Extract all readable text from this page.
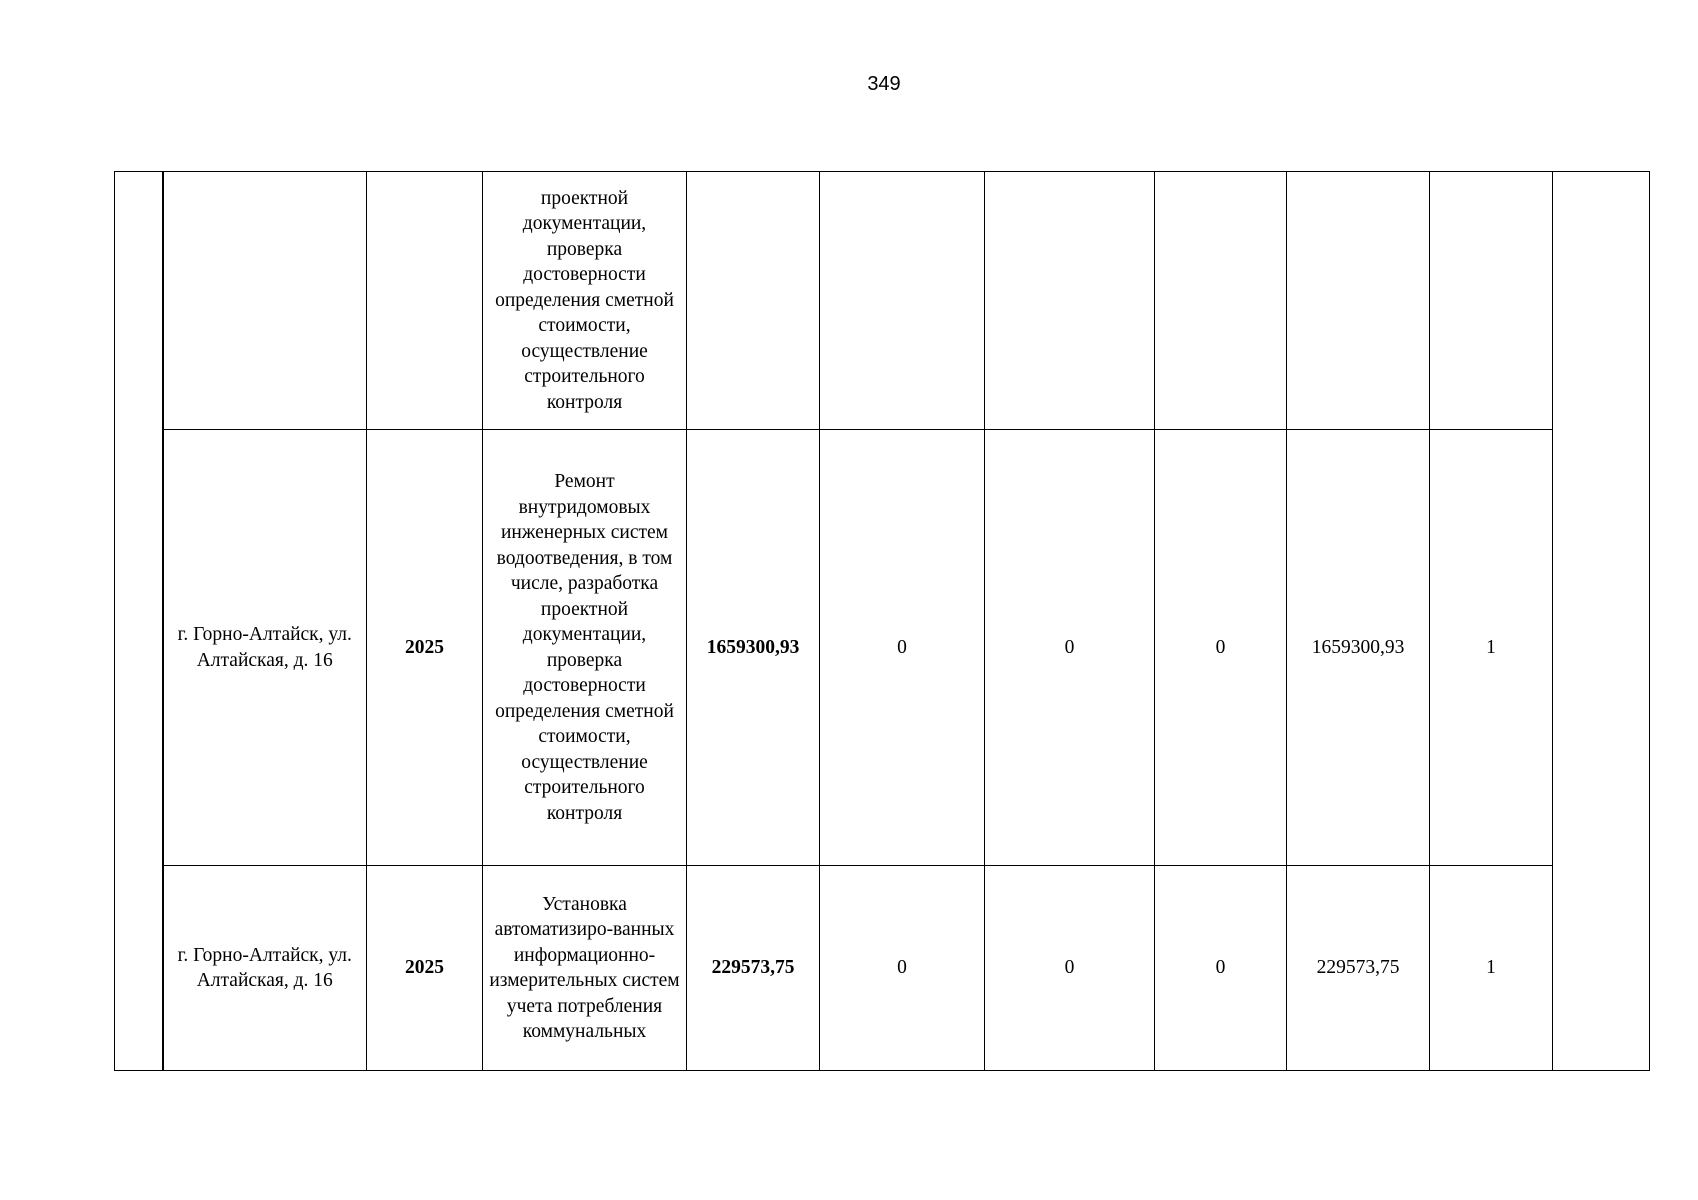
349
			проектной документации, проверка достоверности определения сметной стоимости, осуществление строительного контроля							
	г. Горно-Алтайск, ул. Алтайская, д. 16	2025	Ремонт внутридомовых инженерных систем водоотведения, в том числе, разработка проектной документации, проверка достоверности определения сметной стоимости, осуществление строительного контроля	1659300,93	0	0	0	1659300,93	1	
	г. Горно-Алтайск, ул. Алтайская, д. 16	2025	Установка автоматизиро-ванных информационно-измерительных систем учета потребления коммунальных	229573,75	0	0	0	229573,75	1	
